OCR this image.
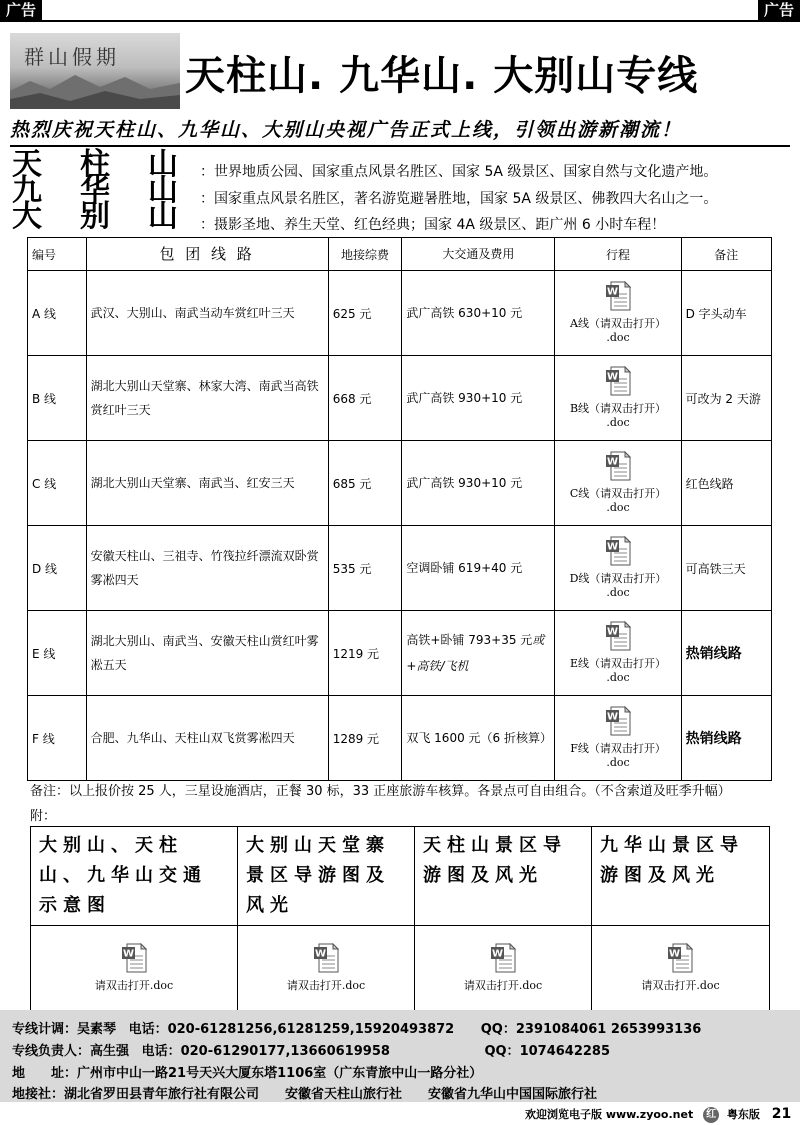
广告	广告
群山假期 天柱山. 九华山. 大别山专线
热烈庆祝天柱山、九华山、大别山央视广告正式上线，引领出游新潮流！
天 柱 山
九 华 山
大 别 山
：世界地质公园、国家重点风景名胜区、国家 5A 级景区、国家自然与文化遗产地。
：国家重点风景名胜区，著名游览避暑胜地，国家 5A 级景区、佛教四大名山之一。
：摄影圣地、养生天堂、红色经典；国家 4A 级景区、距广州 6 小时车程！
编号	包 团 线 路	地接综费	大交通及费用	行程	备注
A 线	武汉、大别山、南武当动车赏红叶三天	625 元	武广高铁 630+10 元	W
A线（请双击打开）
.doc	D 字头动车
B 线	湖北大别山天堂寨、林家大湾、南武当高铁赏红叶三天	668 元	武广高铁 930+10 元	W
B线（请双击打开）
.doc	可改为 2 天游
C 线	湖北大别山天堂寨、南武当、红安三天	685 元	武广高铁 930+10 元	W
C线（请双击打开）
.doc	红色线路
D 线	安徽天柱山、三祖寺、竹筏拉纤漂流双卧赏雾凇四天	535 元	空调卧铺 619+40 元	W
D线（请双击打开）
.doc	可高铁三天
E 线	湖北大别山、南武当、安徽天柱山赏红叶雾凇五天	1219 元	高铁+卧铺 793+35 元或+高铁/飞机	W
E线（请双击打开）
.doc	热销线路
F 线	合肥、九华山、天柱山双飞赏雾凇四天	1289 元	双飞 1600 元（6 折核算）	W
F线（请双击打开）
.doc	热销线路
备注：以上报价按 25 人，三星设施酒店，正餐 30 标，33 正座旅游车核算。各景点可自由组合。（不含索道及旺季升幅）
附：
大别山、天柱山、九华山交通示意图	大别山天堂寨景区导游图及风光	天柱山景区导游图及风光	九华山景区导游图及风光

W
请双击打开.doc	W
请双击打开.doc	W
请双击打开.doc	W
请双击打开.doc
专线计调：吴素琴 电话：020-61281256,61281259,15920493872 QQ：2391084061 2653993136
专线负责人：高生强 电话：020-61290177,13660619958	QQ：1074642285
地　　址：广州市中山一路21号天兴大厦东塔1106室（广东青旅中山一路分社）
地接社：湖北省罗田县青年旅行社有限公司　　安徽省天柱山旅行社　　安徽省九华山中国国际旅行社
欢迎浏览电子版 www.zyoo.net 红 粤东版 21
